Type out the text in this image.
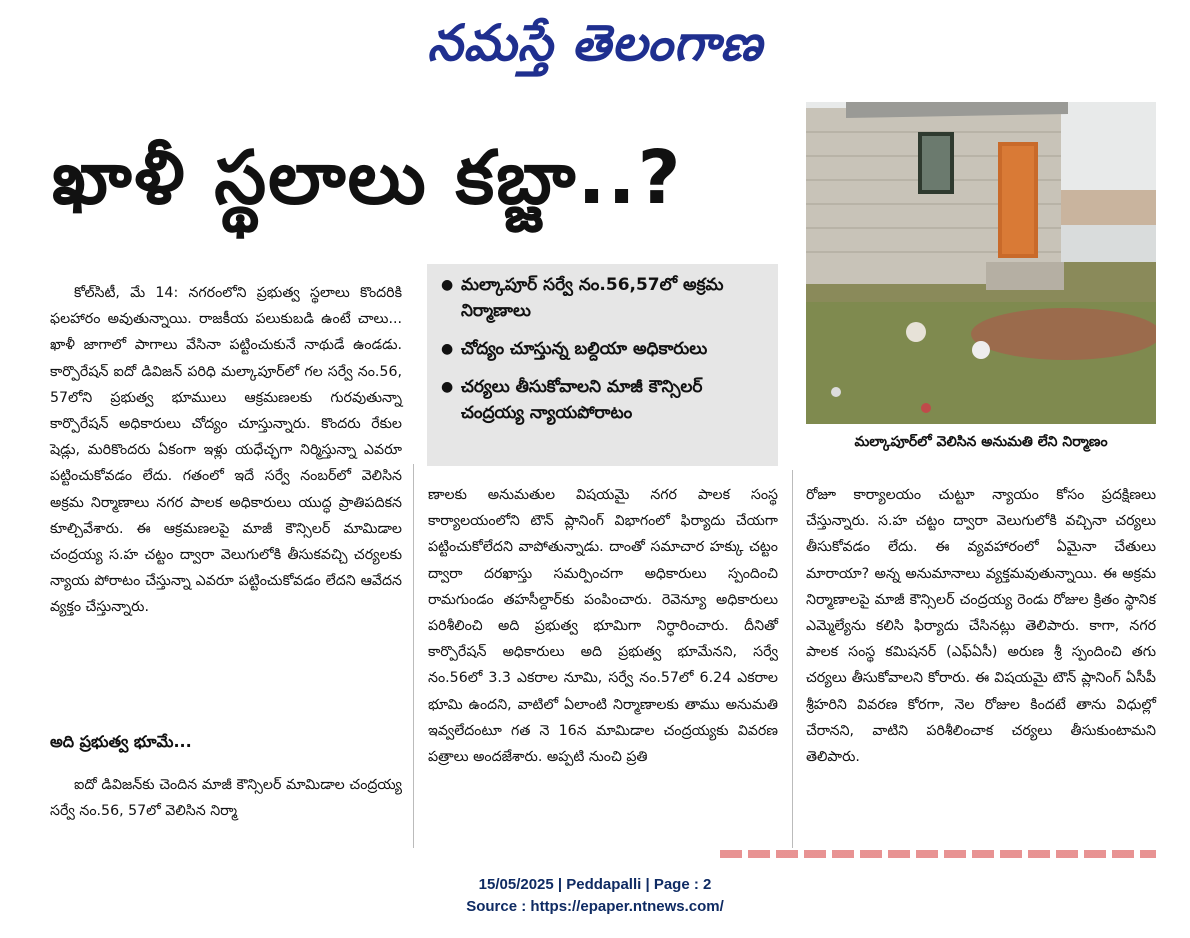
నమస్తే తెలంగాణ
ఖాళీ స్థలాలు కబ్జా..?
మల్కాపూర్‌లో వెలిసిన అనుమతి లేని నిర్మాణం
● మల్కాపూర్ సర్వే నం.56,57లో అక్రమ నిర్మాణాలు
● చోద్యం చూస్తున్న బల్దియా అధికారులు
● చర్యలు తీసుకోవాలని మాజీ కౌన్సిలర్ చంద్రయ్య న్యాయపోరాటం

కోల్‌సిటీ, మే 14: నగరంలోని ప్రభుత్వ స్థలాలు కొందరికి ఫలహారం అవుతున్నాయి. రాజకీయ పలుకుబడి ఉంటే చాలు... ఖాళీ జాగాలో పాగాలు వేసినా పట్టించుకునే నాథుడే ఉండడు. కార్పొరేషన్ ఐదో డివిజన్ పరిధి మల్కాపూర్‌లో గల సర్వే నం.56, 57లోని ప్రభుత్వ భూములు ఆక్రమణలకు గురవుతున్నా కార్పొరేషన్ అధికారులు చోద్యం చూస్తున్నారు. కొందరు రేకుల షెడ్లు, మరికొందరు ఏకంగా ఇళ్లు యధేచ్ఛగా నిర్మిస్తున్నా ఎవరూ పట్టించుకోవడం లేదు. గతంలో ఇదే సర్వే నంబర్‌లో వెలిసిన అక్రమ నిర్మాణాలు నగర పాలక అధికారులు యుద్ధ ప్రాతిపదికన కూల్చివేశారు. ఈ ఆక్రమణలపై మాజీ కౌన్సిలర్ మామిడాల చంద్రయ్య స.హ చట్టం ద్వారా వెలుగులోకి తీసుకవచ్చి చర్యలకు న్యాయ పోరాటం చేస్తున్నా ఎవరూ పట్టించుకోవడం లేదని ఆవేదన వ్యక్తం చేస్తున్నారు.

అది ప్రభుత్వ భూమే...

ఐదో డివిజన్‌కు చెందిన మాజీ కౌన్సిలర్ మామిడాల చంద్రయ్య సర్వే నం.56, 57లో వెలిసిన నిర్మా

ణాలకు అనుమతుల విషయమై నగర పాలక సంస్థ కార్యాలయంలోని టౌన్ ప్లానింగ్ విభాగంలో ఫిర్యాదు చేయగా పట్టించుకోలేదని వాపోతున్నాడు. దాంతో సమాచార హక్కు చట్టం ద్వారా దరఖాస్తు సమర్పించగా అధికారులు స్పందించి రామగుండం తహసీల్దార్‌కు పంపించారు. రెవెన్యూ అధికారులు పరిశీలించి అది ప్రభుత్వ భూమిగా నిర్ధారించారు. దీనితో కార్పొరేషన్ అధికారులు అది ప్రభుత్వ భూమేనని, సర్వే నం.56లో 3.3 ఎకరాల నూమి, సర్వే నం.57లో 6.24 ఎకరాల భూమి ఉందని, వాటిలో ఏలాంటి నిర్మాణాలకు తాము అనుమతి ఇవ్వలేదంటూ గత నె 16న మామిడాల చంద్రయ్యకు వివరణ పత్రాలు అందజేశారు. అప్పటి నుంచి ప్రతి

రోజూ కార్యాలయం చుట్టూ న్యాయం కోసం ప్రదక్షిణలు చేస్తున్నారు. స.హ చట్టం ద్వారా వెలుగులోకి వచ్చినా చర్యలు తీసుకోవడం లేదు. ఈ వ్యవహారంలో ఏమైనా చేతులు మారాయా? అన్న అనుమానాలు వ్యక్తమవుతున్నాయి. ఈ అక్రమ నిర్మాణాలపై మాజీ కౌన్సిలర్ చంద్రయ్య రెండు రోజుల క్రితం స్థానిక ఎమ్మెల్యేను కలిసి ఫిర్యాదు చేసినట్లు తెలిపారు. కాగా, నగర పాలక సంస్థ కమిషనర్ (ఎఫ్ఏసీ) అరుణ శ్రీ స్పందించి తగు చర్యలు తీసుకోవాలని కోరారు. ఈ విషయమై టౌన్ ప్లానింగ్ ఏసీపీ శ్రీహరిని వివరణ కోరగా, నెల రోజుల కిందటే తాను విధుల్లో చేరానని, వాటిని పరిశీలించాక చర్యలు తీసుకుంటామని తెలిపారు.

15/05/2025 | Peddapalli | Page : 2
Source : https://epaper.ntnews.com/
